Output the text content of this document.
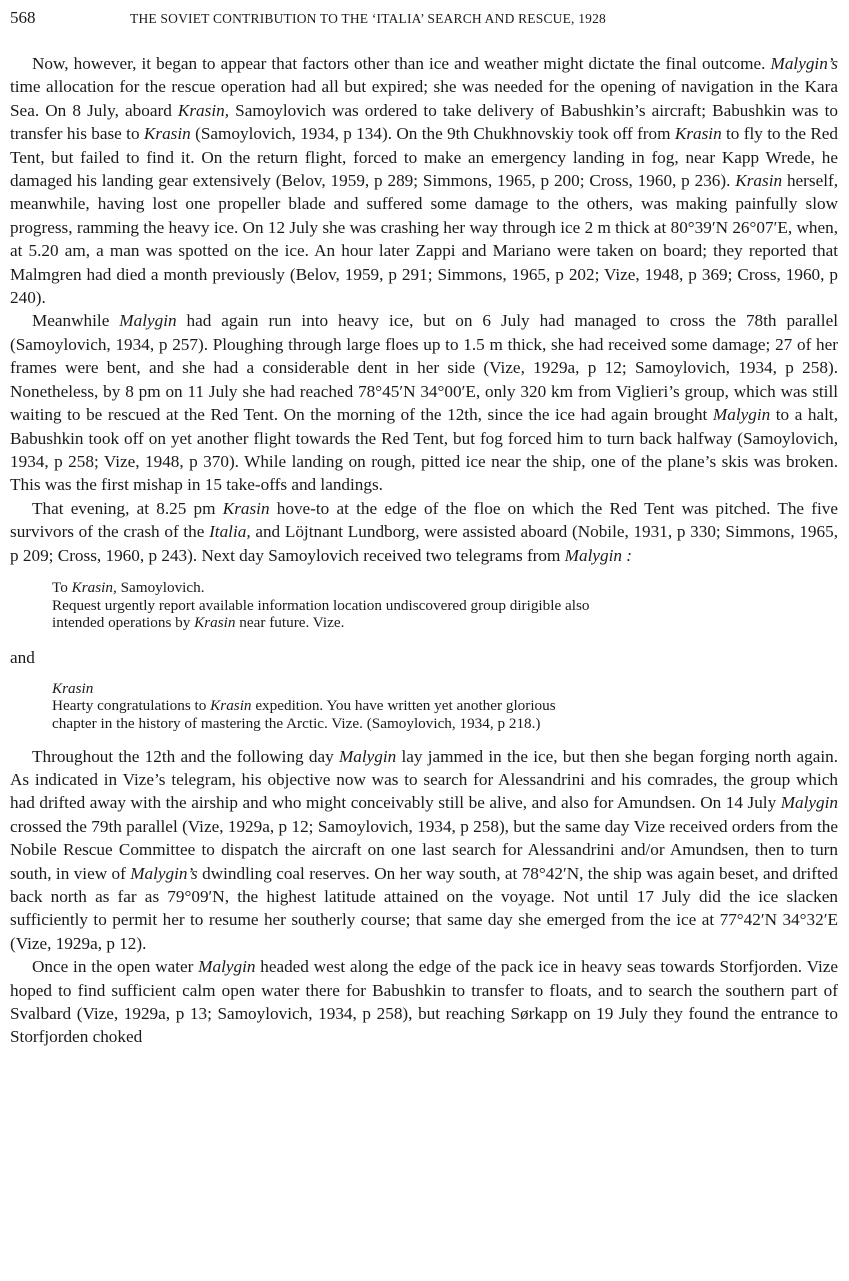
568	THE SOVIET CONTRIBUTION TO THE ‘ITALIA’ SEARCH AND RESCUE, 1928

Now, however, it began to appear that factors other than ice and weather might dictate the final outcome. Malygin’s time allocation for the rescue operation had all but expired; she was needed for the opening of navigation in the Kara Sea. On 8 July, aboard Krasin, Samoylovich was ordered to take delivery of Babushkin’s aircraft; Babushkin was to transfer his base to Krasin (Samoylovich, 1934, p 134). On the 9th Chukhnovskiy took off from Krasin to fly to the Red Tent, but failed to find it. On the return flight, forced to make an emergency landing in fog, near Kapp Wrede, he damaged his landing gear extensively (Belov, 1959, p 289; Simmons, 1965, p 200; Cross, 1960, p 236). Krasin herself, meanwhile, having lost one propeller blade and suffered some damage to the others, was making painfully slow progress, ramming the heavy ice. On 12 July she was crashing her way through ice 2 m thick at 80°39′N 26°07′E, when, at 5.20 am, a man was spotted on the ice. An hour later Zappi and Mariano were taken on board; they reported that Malmgren had died a month previously (Belov, 1959, p 291; Simmons, 1965, p 202; Vize, 1948, p 369; Cross, 1960, p 240).

Meanwhile Malygin had again run into heavy ice, but on 6 July had managed to cross the 78th parallel (Samoylovich, 1934, p 257). Ploughing through large floes up to 1.5 m thick, she had received some damage; 27 of her frames were bent, and she had a considerable dent in her side (Vize, 1929a, p 12; Samoylovich, 1934, p 258). Nonetheless, by 8 pm on 11 July she had reached 78°45′N 34°00′E, only 320 km from Viglieri’s group, which was still waiting to be rescued at the Red Tent. On the morning of the 12th, since the ice had again brought Malygin to a halt, Babushkin took off on yet another flight towards the Red Tent, but fog forced him to turn back halfway (Samoylovich, 1934, p 258; Vize, 1948, p 370). While landing on rough, pitted ice near the ship, one of the plane’s skis was broken. This was the first mishap in 15 take-offs and landings.

That evening, at 8.25 pm Krasin hove-to at the edge of the floe on which the Red Tent was pitched. The five survivors of the crash of the Italia, and Löjtnant Lundborg, were assisted aboard (Nobile, 1931, p 330; Simmons, 1965, p 209; Cross, 1960, p 243). Next day Samoylovich received two telegrams from Malygin :

To Krasin, Samoylovich.
Request urgently report available information location undiscovered group dirigible also
intended operations by Krasin near future. Vize.
and
Krasin
Hearty congratulations to Krasin expedition. You have written yet another glorious
chapter in the history of mastering the Arctic. Vize. (Samoylovich, 1934, p 218.)

Throughout the 12th and the following day Malygin lay jammed in the ice, but then she began forging north again. As indicated in Vize’s telegram, his objective now was to search for Alessandrini and his comrades, the group which had drifted away with the airship and who might conceivably still be alive, and also for Amundsen. On 14 July Malygin crossed the 79th parallel (Vize, 1929a, p 12; Samoylovich, 1934, p 258), but the same day Vize received orders from the Nobile Rescue Committee to dispatch the aircraft on one last search for Alessandrini and/or Amundsen, then to turn south, in view of Malygin’s dwindling coal reserves. On her way south, at 78°42′N, the ship was again beset, and drifted back north as far as 79°09′N, the highest latitude attained on the voyage. Not until 17 July did the ice slacken sufficiently to permit her to resume her southerly course; that same day she emerged from the ice at 77°42′N 34°32′E (Vize, 1929a, p 12).

Once in the open water Malygin headed west along the edge of the pack ice in heavy seas towards Storfjorden. Vize hoped to find sufficient calm open water there for Babushkin to transfer to floats, and to search the southern part of Svalbard (Vize, 1929a, p 13; Samoylovich, 1934, p 258), but reaching Sørkapp on 19 July they found the entrance to Storfjorden choked
